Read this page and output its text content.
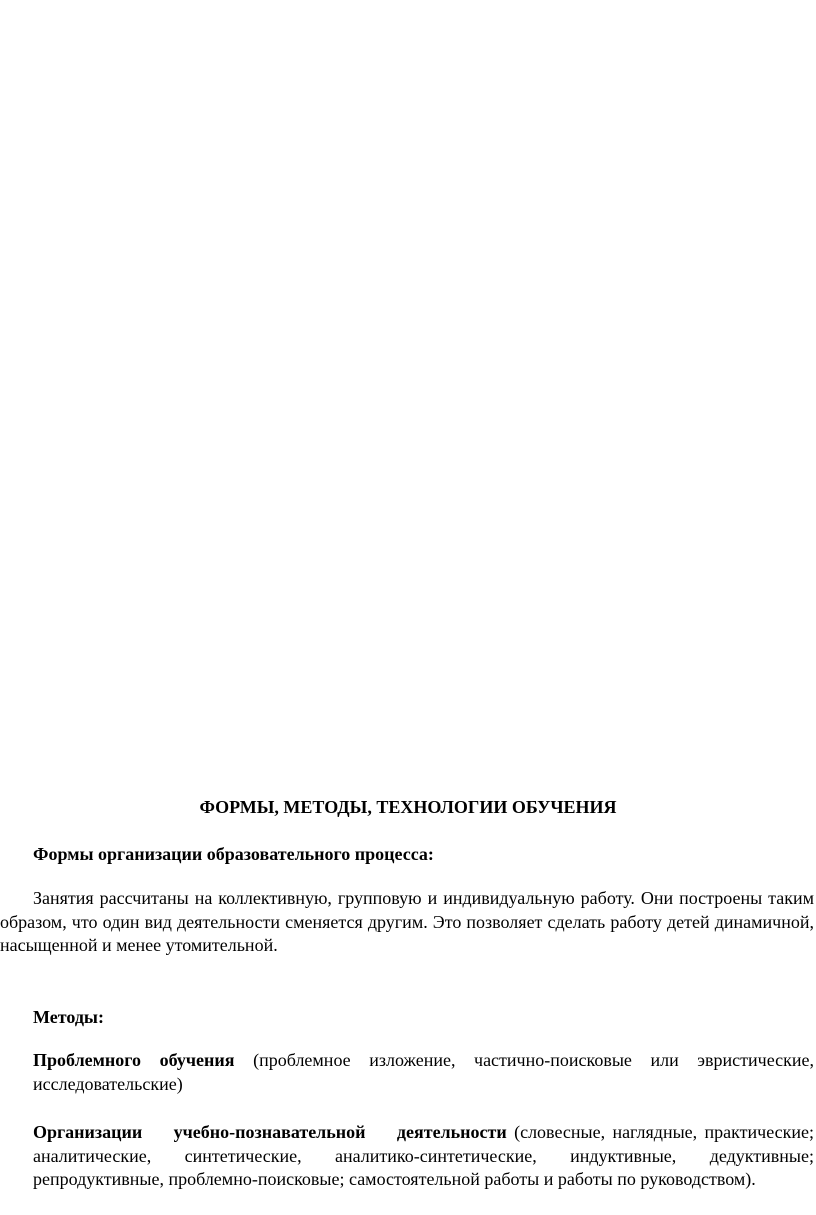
ФОРМЫ, МЕТОДЫ, ТЕХНОЛОГИИ ОБУЧЕНИЯ

Формы организации образовательного процесса:

Занятия рассчитаны на коллективную, групповую и индивидуальную работу. Они построены таким образом, что один вид деятельности сменяется другим. Это позволяет сделать работу детей динамичной, насыщенной и менее утомительной.

Методы:

Проблемного обучения (проблемное изложение, частично-поисковые или эвристические, исследовательские)

Организации учебно-познавательной деятельности (словесные, наглядные, практические; аналитические, синтетические, аналитико-синтетические, индуктивные, дедуктивные; репродуктивные, проблемно-поисковые; самостоятельной работы и работы по руководством).
